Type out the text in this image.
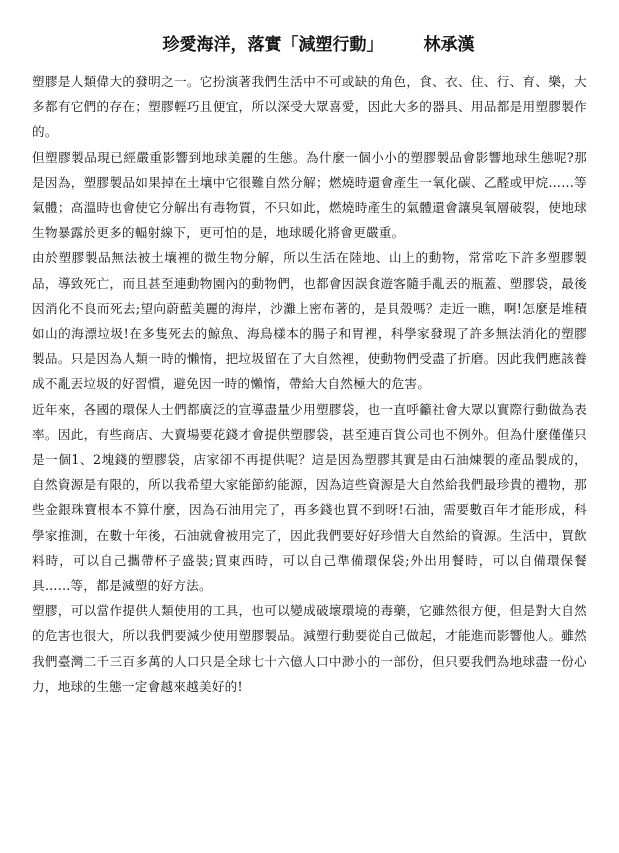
珍愛海洋，落實「減塑行動」 林承漢

塑膠是人類偉大的發明之一。它扮演著我們生活中不可或缺的角色，食、衣、住、行、育、樂，大多都有它們的存在；塑膠輕巧且便宜，所以深受大眾喜愛，因此大多的器具、用品都是用塑膠製作的。

但塑膠製品現已經嚴重影響到地球美麗的生態。為什麼一個小小的塑膠製品會影響地球生態呢?那是因為，塑膠製品如果掉在土壤中它很難自然分解；燃燒時還會產生一氧化碳、乙醛或甲烷……等氣體；高溫時也會使它分解出有毒物質，不只如此，燃燒時產生的氣體還會讓臭氧層破裂，使地球生物暴露於更多的輻射線下，更可怕的是，地球暖化將會更嚴重。

由於塑膠製品無法被土壤裡的微生物分解，所以生活在陸地、山上的動物，常常吃下許多塑膠製品，導致死亡，而且甚至連動物園內的動物們，也都會因誤食遊客隨手亂丟的瓶蓋、塑膠袋，最後因消化不良而死去;望向蔚藍美麗的海岸，沙灘上密布著的，是貝殼嗎？走近一瞧，啊!怎麼是堆積如山的海漂垃圾!在多隻死去的鯨魚、海鳥樣本的腸子和胃裡，科學家發現了許多無法消化的塑膠製品。只是因為人類一時的懶惰，把垃圾留在了大自然裡，使動物們受盡了折磨。因此我們應該養成不亂丟垃圾的好習慣，避免因一時的懶惰，帶給大自然極大的危害。

近年來，各國的環保人士們都廣泛的宣導盡量少用塑膠袋，也一直呼籲社會大眾以實際行動做為表率。因此，有些商店、大賣場要花錢才會提供塑膠袋，甚至連百貨公司也不例外。但為什麼僅僅只是一個1、2塊錢的塑膠袋，店家卻不再提供呢？這是因為塑膠其實是由石油煉製的產品製成的，自然資源是有限的，所以我希望大家能節約能源，因為這些資源是大自然給我們最珍貴的禮物，那些金銀珠寶根本不算什麼，因為石油用完了，再多錢也買不到呀!石油，需要數百年才能形成，科學家推測，在數十年後，石油就會被用完了，因此我們要好好珍惜大自然給的資源。生活中，買飲料時，可以自己攜帶杯子盛裝;買東西時，可以自己準備環保袋;外出用餐時，可以自備環保餐具……等，都是減塑的好方法。

塑膠，可以當作提供人類使用的工具，也可以變成破壞環境的毒藥，它雖然很方便，但是對大自然的危害也很大，所以我們要減少使用塑膠製品。減塑行動要從自己做起，才能進而影響他人。雖然我們臺灣二千三百多萬的人口只是全球七十六億人口中渺小的一部份，但只要我們為地球盡一份心力，地球的生態一定會越來越美好的!
